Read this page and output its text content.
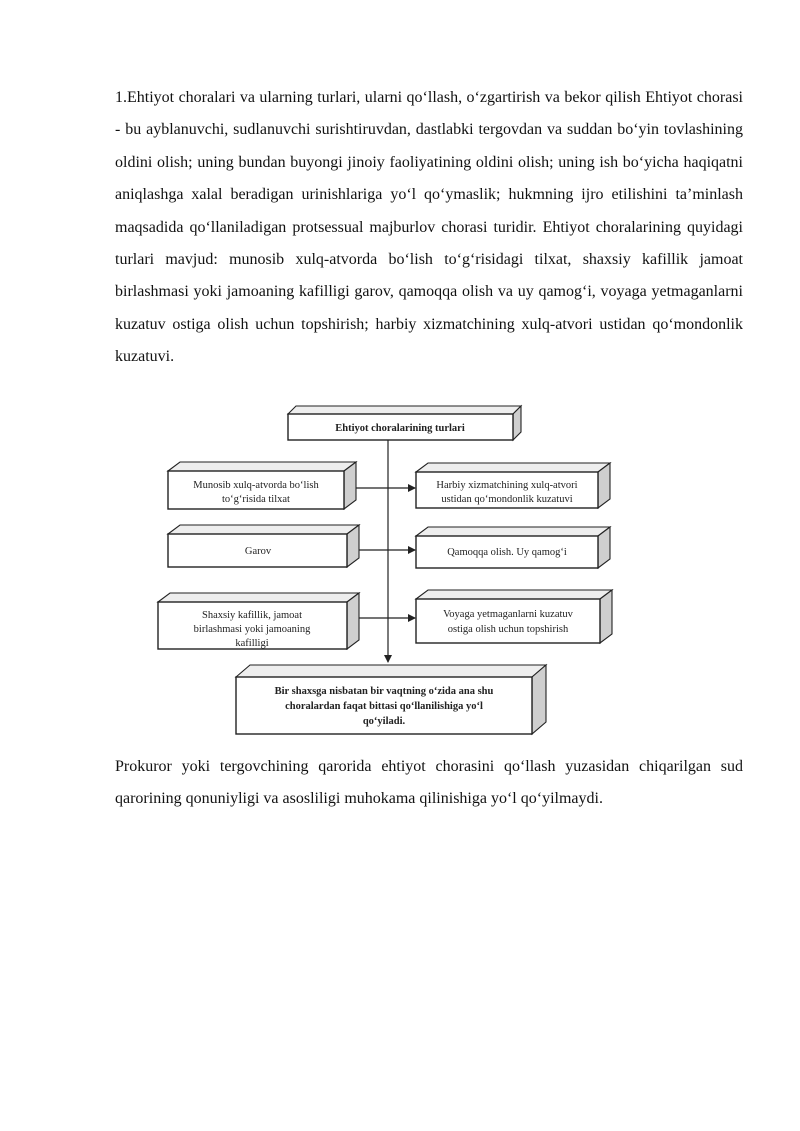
1.Ehtiyot choralari va ularning turlari, ularni qo‘llash, o‘zgartirish va bekor qilish Ehtiyot chorasi - bu ayblanuvchi, sudlanuvchi surishtiruvdan, dastlabki tergovdan va suddan bo‘yin tovlashining oldini olish; uning bundan buyongi jinoiy faoliyatining oldini olish; uning ish bo‘yicha haqiqatni aniqlashga xalal beradigan urinishlariga yo‘l qo‘ymaslik; hukmning ijro etilishini ta’minlash maqsadida qo‘llaniladigan protsessual majburlov chorasi turidir. Ehtiyot choralarining quyidagi turlari mavjud: munosib xulq-atvorda bo‘lish to‘g‘risidagi tilxat, shaxsiy kafillik jamoat birlashmasi yoki jamoaning kafilligi garov, qamoqqa olish va uy qamog‘i, voyaga yetmaganlarni kuzatuv ostiga olish uchun topshirish; harbiy xizmatchining xulq-atvori ustidan qo‘mondonlik kuzatuvi.

Ehtiyot choralarining turlari
Munosib xulq-atvorda bo‘lish
to‘g‘risida tilxat
Harbiy xizmatchining xulq-atvori
ustidan qo‘mondonlik kuzatuvi
Garov	Qamoqqa olish. Uy qamog‘i
Shaxsiy kafillik, jamoat
birlashmasi yoki jamoaning
kafilligi
Voyaga yetmaganlarni kuzatuv
ostiga olish uchun topshirish
Bir shaxsga nisbatan bir vaqtning o‘zida ana shu
choralardan faqat bittasi qo‘llanilishiga yo‘l
qo‘yiladi.

Prokuror yoki tergovchining qarorida ehtiyot chorasini qo‘llash yuzasidan chiqarilgan sud qarorining qonuniyligi va asosliligi muhokama qilinishiga yo‘l qo‘yilmaydi.
